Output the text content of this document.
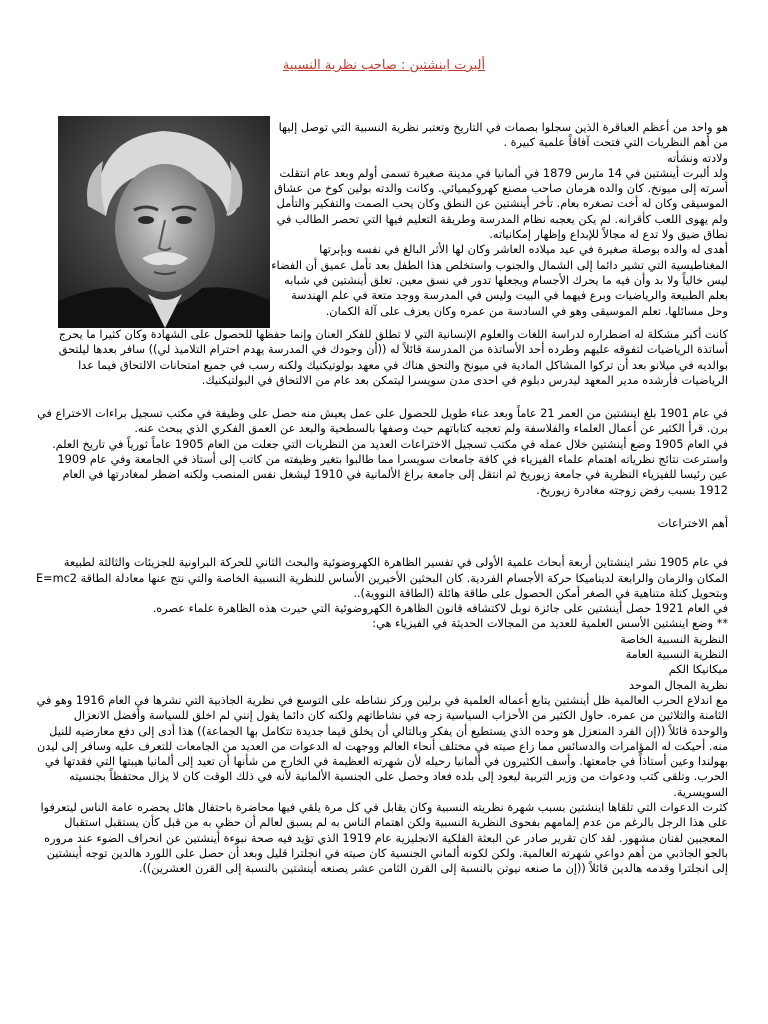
ألبرت اينشتين : صاحب نظرية النسبية

هو واحد من أعظم العباقرة الذين سجلوا بصمات في التاريخ وتعتبر نظرية النسبية التي توصل إليها من أهم النظريات التي فتحت آفاقاً علمية كبيرة .

ولادته ونشأته

ولد ألبرت أينشتين في 14 مارس 1879 في ألمانيا في مدينة صغيرة تسمى أولم وبعد عام انتقلت أسرته إلى ميونخ. كان والده هرمان صاحب مصنع كهروكيميائي. وكانت والدته بولين كوخ من عشاق الموسيقى وكان له أخت تصغره بعام. تأخر أينشتين عن النطق وكان يحب الصمت والتفكير والتأمل ولم يهوى اللعب كأقرانه. لم يكن يعجبه نظام المدرسة وطريقة التعليم فيها التي تحصر الطالب في نطاق ضيق ولا تدع له مجالاً للإبداع وإظهار إمكانياته.

أهدى له والده بوصلة صغيرة في عيد ميلاده العاشر وكان لها الأثر البالغ في نفسه وبإبرتها المغناطيسية التي تشير دائما إلى الشمال والجنوب واستخلص هذا الطفل بعد تأمل عميق أن الفضاء ليس خالياً ولا بد وأن فيه ما يحرك الأجسام ويجعلها تدور في نسق معين. تعلق أينشتين في شبابه بعلم الطبيعة والرياضيات وبرع فيهما في البيت وليس في المدرسة ووجد متعة في علم الهندسة وحل مسائلها. تعلم الموسيقى وهو في السادسة من عمره وكان يعزف على آلة الكمان.

كانت أكبر مشكلة له اضطراره لدراسة اللغات والعلوم الإنسانية التي لا تطلق للفكر العنان وإنما حفظها للحصول على الشهادة وكان كثيرا ما يحرج أساتذة الرياضيات لتفوقه عليهم وطرده أحد الأساتذة من المدرسة قائلاً له ((أن وجودك في المدرسة يهدم احترام التلاميذ لي)) سافر بعدها ليلتحق بوالديه في ميلانو بعد أن تركوا المشاكل المادية في ميونخ والتحق هناك في معهد بولوتيكنيك ولكنه رسب في جميع امتحانات الالتحاق فيما عدا الرياضيات فأرشده مدير المعهد ليدرس دبلوم في احدى مدن سويسرا ليتمكن بعد عام من الالتحاق في البولتيكنيك.

في عام 1901 بلغ اينشتين من العمر 21 عاماً وبعد عناء طويل للحصول على عمل يعيش منه حصل على وظيفة في مكتب تسجيل براءات الاختراع في برن. قرأ الكثير عن أعمال العلماء والفلاسفة ولم تعجبه كتاباتهم حيث وصفها بالسطحية والبعد عن العمق الفكري الذي يبحث عنه.

في العام 1905 وضع أينشتين خلال عمله في مكتب تسجيل الاختراعات العديد من النظريات التي جعلت من العام 1905 عاماً ثورياً في تاريخ العلم. واسترعت نتائج نظرياته اهتمام علماء الفيزياء في كافة جامعات سويسرا مما طالبوا بتغير وظيفته من كاتب إلى أستاذ في الجامعة وفي عام 1909 عين رئيسا للفيزياء النظرية في جامعة زيوريخ ثم انتقل إلى جامعة براغ الألمانية في 1910 ليشغل نفس المنصب ولكنه اضطر لمغادرتها في العام 1912 بسبب رفض زوجته مغادرة زيوريخ.

أهم الاختراعات

في عام 1905 نشر اينشتاين أربعة أبحاث علمية الأولى في تفسير الظاهرة الكهروضوئية والبحث الثاني للحركة البراونية للجزيئات والثالثة لطبيعة المكان والزمان والرابعة لديناميكا حركة الأجسام الفردية. كان البحثين الأخيرين الأساس للنظرية النسبية الخاصة والتي نتج عنها معادلة الطاقة E=mc2 وبتحويل كتلة متناهية في الصغر أمكن الحصول على طاقة هائلة (الطاقة النووية)..

في العام 1921 حصل أينشتين على جائزة نوبل لاكتشافه قانون الظاهرة الكهروضوئية التي حيرت هذه الظاهرة علماء عصره.

** وضع اينشتين الأسس العلمية للعديد من المجالات الحديثة في الفيزياء هي:

النظرية النسبية الخاصة

النظرية النسبية العامة

ميكانيكا الكم

نظرية المجال الموحد

مع اندلاع الحرب العالمية ظل أينشتين يتابع أعماله العلمية في برلين وركز نشاطه على التوسع في نظرية الجاذبية التي نشرها في العام 1916 وهو في الثامنة والثلاثين من عمره. حاول الكثير من الأحزاب السياسية زجه في نشاطاتهم ولكنه كان دائما يقول إنني لم اخلق للسياسة وأفضل الانعزال والوحدة قائلاً ((إن الفرد المنعزل هو وحده الذي يستطيع أن يفكر وبالتالي أن يخلق قيما جديدة تتكامل بها الجماعة)) هذا أدى إلى دفع معارضيه للنيل منه. أحيكت له المؤامرات والدسائس مما زاع صيته في مختلف أنحاء العالم ووجهت له الدعوات من العديد من الجامعات للتعرف عليه وسافر إلى ليدن بهولندا وعين أستاذاً في جامعتها. وأسف الكثيرون في ألمانيا رحيله لأن شهرته العظيمة في الخارج من شأنها أن تعيد إلى ألمانيا هيبتها التي فقدتها في الحرب. وتلقى كتب ودعوات من وزير التربية ليعود إلى بلده فعاد وحصل على الجنسية الألمانية لأنه في ذلك الوقت كان لا يزال محتفظاً بجنسيته السويسرية.

كثرت الدعوات التي تلقاها اينشتين بسبب شهرة نظريته النسبية وكان يقابل في كل مرة يلقي فيها محاضرة باحتفال هائل يحضره عامة الناس ليتعرفوا على هذا الرجل بالرغم من عدم إلمامهم بفحوى النظرية النسبية ولكن اهتمام الناس به لم يسبق لعالم أن حظي به من قبل كأن يستقبل استقبال المعجبين لفنان مشهور. لقد كان تقرير صادر عن البعثة الفلكية الانجليزية عام 1919 الذي تؤيد فيه صحة نبوءة أينشتين عن انحراف الضوء عند مروره بالجو الجاذبي من أهم دواعي شهرته العالمية. ولكن لكونه ألماني الجنسية كان صيته في انجلترا قليل وبعد أن حصل على اللورد هالدين توجه أينشتين إلى انجلترا وقدمه هالدين قائلاً ((إن ما صنعه نيوتن بالنسبة إلى القرن الثامن عشر يصنعه أينشتين بالنسبة إلى القرن العشرين)).
